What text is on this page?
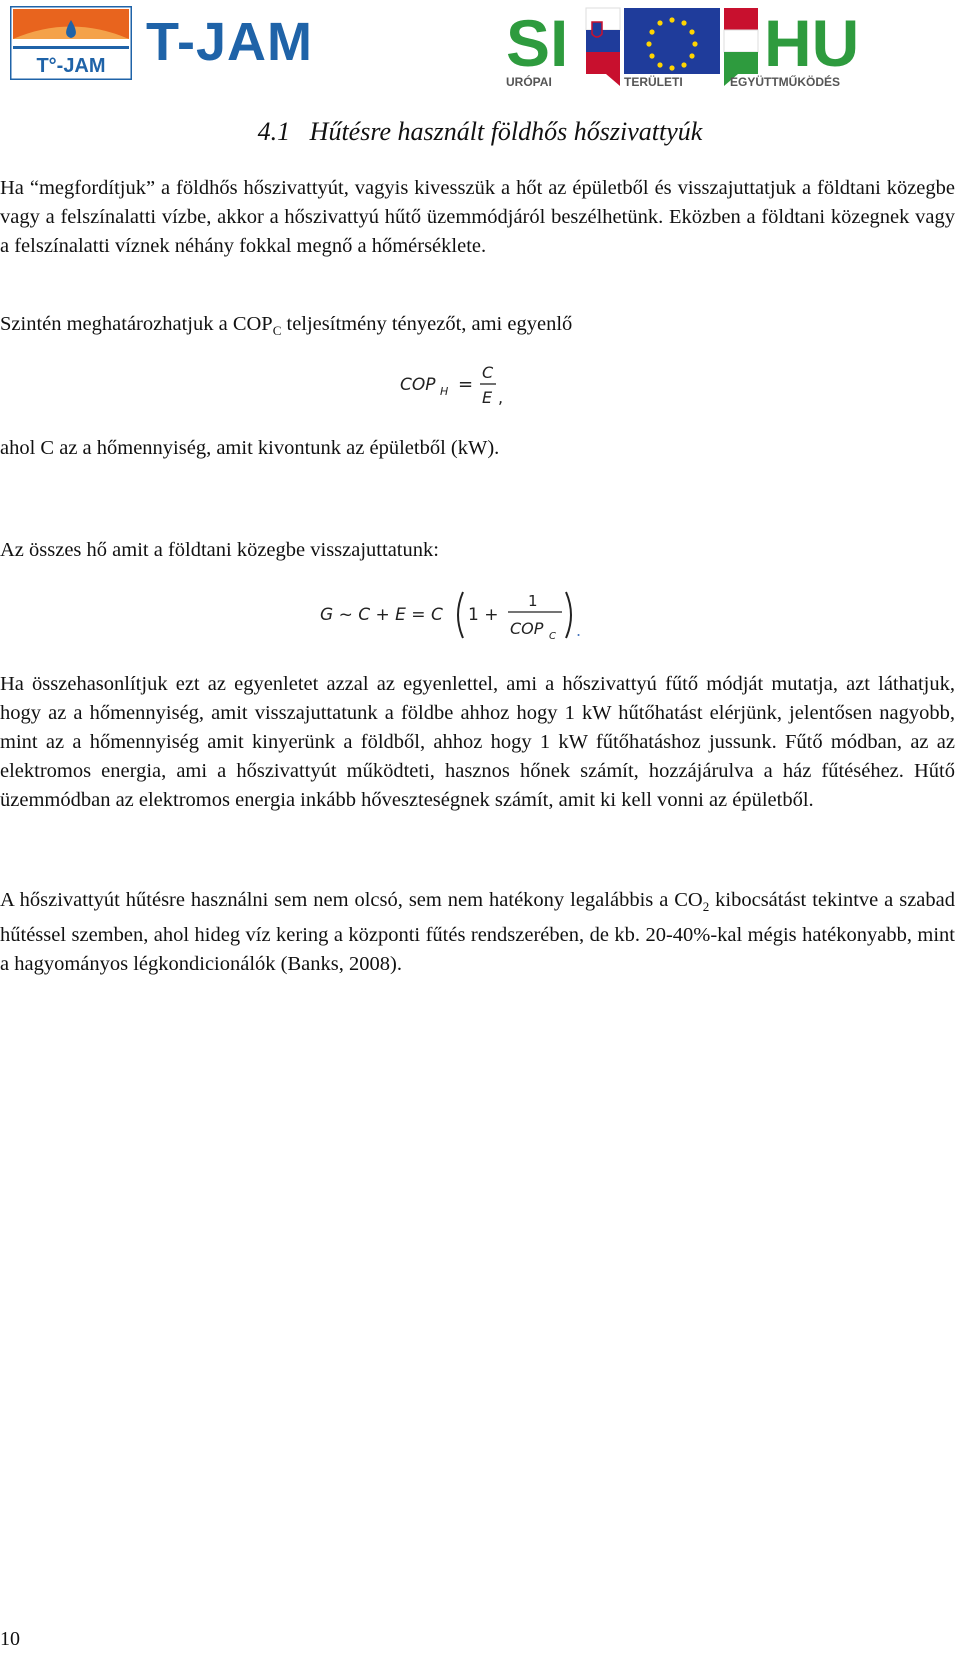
T°-JAM T-JAM	SI	HU
URÓPAI	TERÜLETI	EGYÜTTMŰKÖDÉS
4.1 Hűtésre használt földhős hőszivattyúk

Ha “megfordítjuk” a földhős hőszivattyút, vagyis kivesszük a hőt az épületből és visszajuttatjuk a földtani közegbe vagy a felszínalatti vízbe, akkor a hőszivattyú hűtő üzemmódjáról beszélhetünk. Eközben a földtani közegnek vagy a felszínalatti víznek néhány fokkal megnő a hőmérséklete.

Szintén meghatározhatjuk a $COP_C$ teljesítmény tényezőt, ami egyenlő

COP H =
C
E ,

ahol C az a hőmennyiség, amit kivontunk az épületből (kW).

Az összes hő amit a földtani közegbe visszajuttatunk:

G ~ C + E = C 1 +
1
COP C .

Ha összehasonlítjuk ezt az egyenletet azzal az egyenlettel, ami a hőszivattyú fűtő módját mutatja, azt láthatjuk, hogy az a hőmennyiség, amit visszajuttatunk a földbe ahhoz hogy 1 kW hűtőhatást elérjünk, jelentősen nagyobb, mint az a hőmennyiség amit kinyerünk a földből, ahhoz hogy 1 kW fűtőhatáshoz jussunk. Fűtő módban, az az elektromos energia, ami a hőszivattyút működteti, hasznos hőnek számít, hozzájárulva a ház fűtéséhez. Hűtő üzemmódban az elektromos energia inkább hőveszteségnek számít, amit ki kell vonni az épületből.

A hőszivattyút hűtésre használni sem nem olcsó, sem nem hatékony legalábbis a $CO_2$ kibocsátást tekintve a szabad hűtéssel szemben, ahol hideg víz kering a központi fűtés rendszerében, de kb. 20-40%-kal mégis hatékonyabb, mint a hagyományos légkondicionálók (Banks, 2008).

10
